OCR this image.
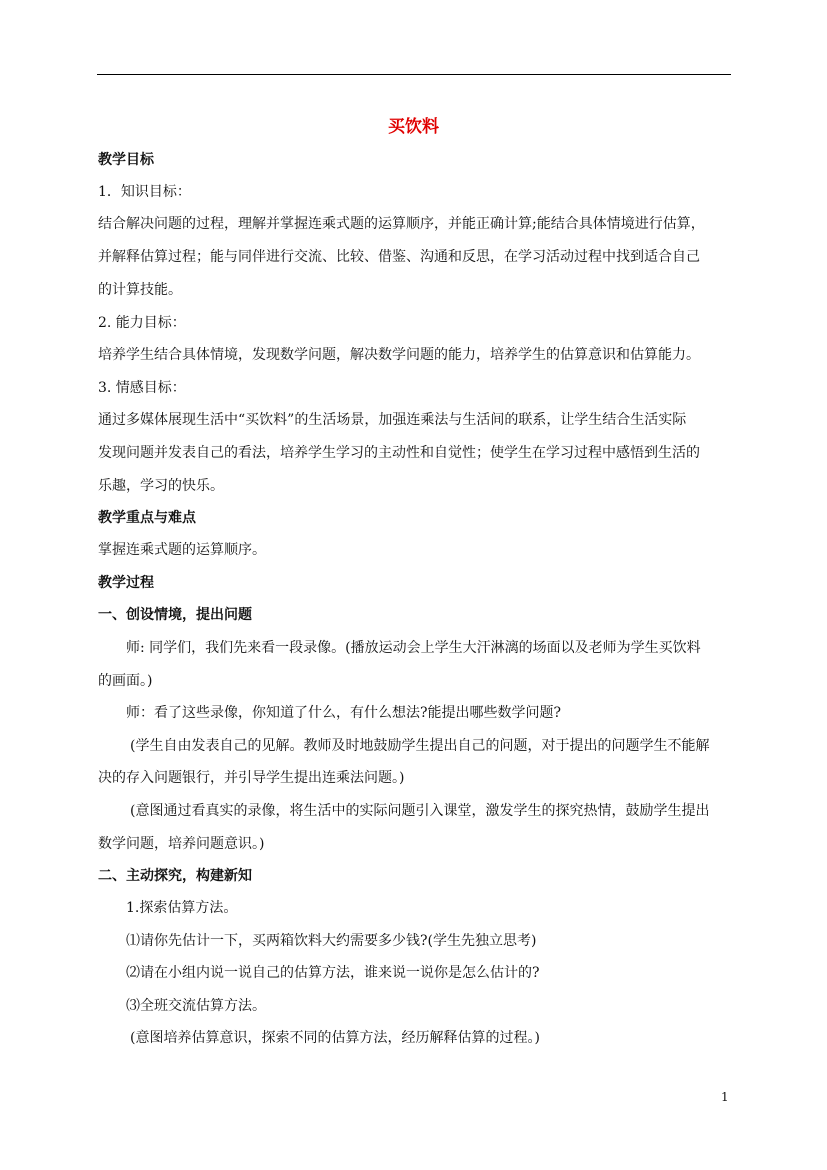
买饮料
教学目标
1．知识目标：
结合解决问题的过程，理解并掌握连乘式题的运算顺序，并能正确计算;能结合具体情境进行估算，
并解释估算过程；能与同伴进行交流、比较、借鉴、沟通和反思，在学习活动过程中找到适合自己
的计算技能。
2. 能力目标：
培养学生结合具体情境，发现数学问题，解决数学问题的能力，培养学生的估算意识和估算能力。
3. 情感目标：
通过多媒体展现生活中“买饮料”的生活场景，加强连乘法与生活间的联系，让学生结合生活实际
发现问题并发表自己的看法，培养学生学习的主动性和自觉性；使学生在学习过程中感悟到生活的
乐趣，学习的快乐。
教学重点与难点
掌握连乘式题的运算顺序。
教学过程
一、创设情境，提出问题
师: 同学们，我们先来看一段录像。(播放运动会上学生大汗淋漓的场面以及老师为学生买饮料
的画面。)
师：看了这些录像，你知道了什么，有什么想法?能提出哪些数学问题?
(学生自由发表自己的见解。教师及时地鼓励学生提出自己的问题，对于提出的问题学生不能解
决的存入问题银行，并引导学生提出连乘法问题。)
(意图通过看真实的录像，将生活中的实际问题引入课堂，激发学生的探究热情，鼓励学生提出
数学问题，培养问题意识。)
二、主动探究，构建新知
1.探索估算方法。
⑴请你先估计一下，买两箱饮料大约需要多少钱?(学生先独立思考)
⑵请在小组内说一说自己的估算方法，谁来说一说你是怎么估计的?
⑶全班交流估算方法。
(意图培养估算意识，探索不同的估算方法，经历解释估算的过程。)
1
